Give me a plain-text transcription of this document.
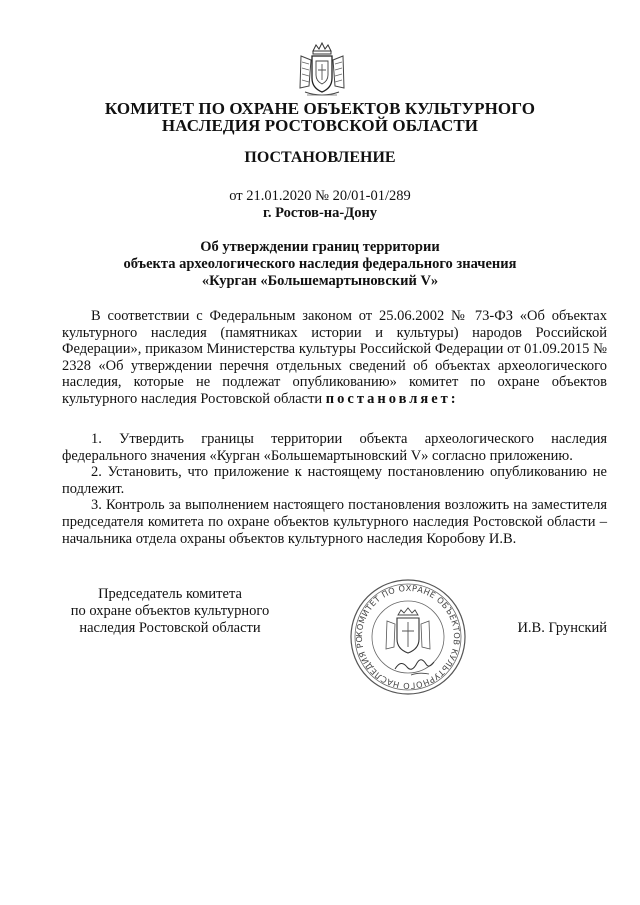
КОМИТЕТ ПО ОХРАНЕ ОБЪЕКТОВ КУЛЬТУРНОГО
НАСЛЕДИЯ РОСТОВСКОЙ ОБЛАСТИ
ПОСТАНОВЛЕНИЕ
от 21.01.2020 № 20/01-01/289
г. Ростов-на-Дону
Об утверждении границ территории
объекта археологического наследия федерального значения
«Курган «Большемартыновский V»

В соответствии с Федеральным законом от 25.06.2002 № 73-ФЗ «Об объектах культурного наследия (памятниках истории и культуры) народов Российской Федерации», приказом Министерства культуры Российской Федерации от 01.09.2015 № 2328 «Об утверждении перечня отдельных сведений об объектах археологического наследия, которые не подлежат опубликованию» комитет по охране объектов культурного наследия Ростовской области постановляет:

1. Утвердить границы территории объекта археологического наследия федерального значения «Курган «Большемартыновский V» согласно приложению.

2. Установить, что приложение к настоящему постановлению опубликованию не подлежит.

3. Контроль за выполнением настоящего постановления возложить на заместителя председателя комитета по охране объектов культурного наследия Ростовской области – начальника отдела охраны объектов культурного наследия Коробову И.В.

Председатель комитета
по охране объектов культурного
наследия Ростовской области	КОМИТЕТ ПО ОХРАНЕ ОБЪЕКТОВ КУЛЬТУРНОГО НАСЛЕДИЯ РО
И.В. Грунский
